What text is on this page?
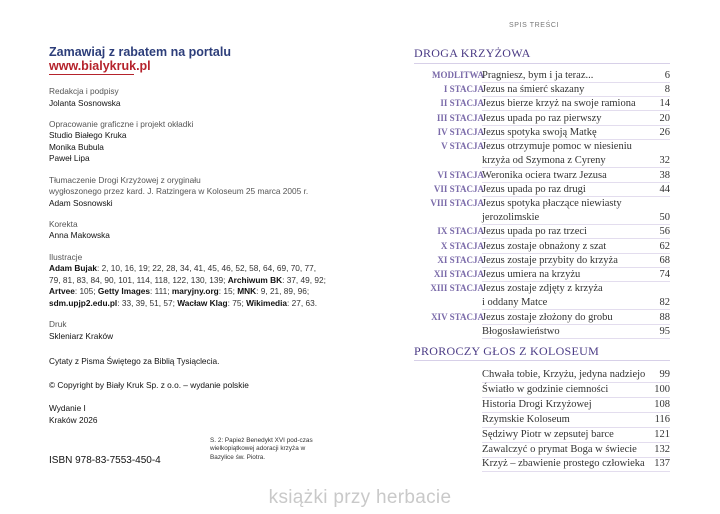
Zamawiaj z rabatem na portalu
www.bialykruk.pl
Redakcja i podpisy
Jolanta Sosnowska
Opracowanie graficzne i projekt okładki
Studio Białego Kruka
Monika Bubula
Paweł Lipa
Tłumaczenie Drogi Krzyżowej z oryginału
wygłoszonego przez kard. J. Ratzingera w Koloseum 25 marca 2005 r.
Adam Sosnowski
Korekta
Anna Makowska
Ilustracje
Adam Bujak: 2, 10, 16, 19; 22, 28, 34, 41, 45, 46, 52, 58, 64, 69, 70, 77, 79, 81, 83, 84, 90, 101, 114, 118, 122, 130, 139; Archiwum BK: 37, 49, 92; Artvee: 105; Getty Images: 111; maryjny.org: 15; MNK: 9, 21, 89, 96; sdm.upjp2.edu.pl: 33, 39, 51, 57; Wacław Klag: 75; Wikimedia: 27, 63.
Druk
Skleniarz Kraków
Cytaty z Pisma Świętego za Biblią Tysiąclecia.
© Copyright by Biały Kruk Sp. z o.o. – wydanie polskie
Wydanie I
Kraków 2026
S. 2: Papież Benedykt XVI pod-czas wielkopiątkowej adoracji krzyża w Bazylice św. Piotra.
ISBN 978-83-7553-450-4
SPIS TREŚCI
DROGA KRZYŻOWA
MODLITWA
Pragniesz, bym i ja teraz...	6
I STACJA
Jezus na śmierć skazany	8
II STACJA
Jezus bierze krzyż na swoje ramiona 14
III STACJA
Jezus upada po raz pierwszy	20
IV STACJA
Jezus spotyka swoją Matkę	26
V STACJA
Jezus otrzymuje pomoc w niesieniu
krzyża od Szymona z Cyreny	32
VI STACJA
Weronika ociera twarz Jezusa	38
VII STACJA
Jezus upada po raz drugi	44
VIII STACJA
Jezus spotyka płaczące niewiasty
jerozolimskie	50
IX STACJA
Jezus upada po raz trzeci	56
X STACJA
Jezus zostaje obnażony z szat	62
XI STACJA
Jezus zostaje przybity do krzyża	68
XII STACJA
Jezus umiera na krzyżu	74
XIII STACJA
Jezus zostaje zdjęty z krzyża
i oddany Matce	82
XIV STACJA
Jezus zostaje złożony do grobu	88
Błogosławieństwo	95
PROROCZY GŁOS Z KOLOSEUM
Chwała tobie, Krzyżu, jedyna nadziejo 99
Światło w godzinie ciemności	100
Historia Drogi Krzyżowej	108
Rzymskie Koloseum	116
Sędziwy Piotr w zepsutej barce	121
Zawalczyć o prymat Boga w świecie 132
Krzyż – zbawienie prostego człowieka 137
książki przy herbacie
